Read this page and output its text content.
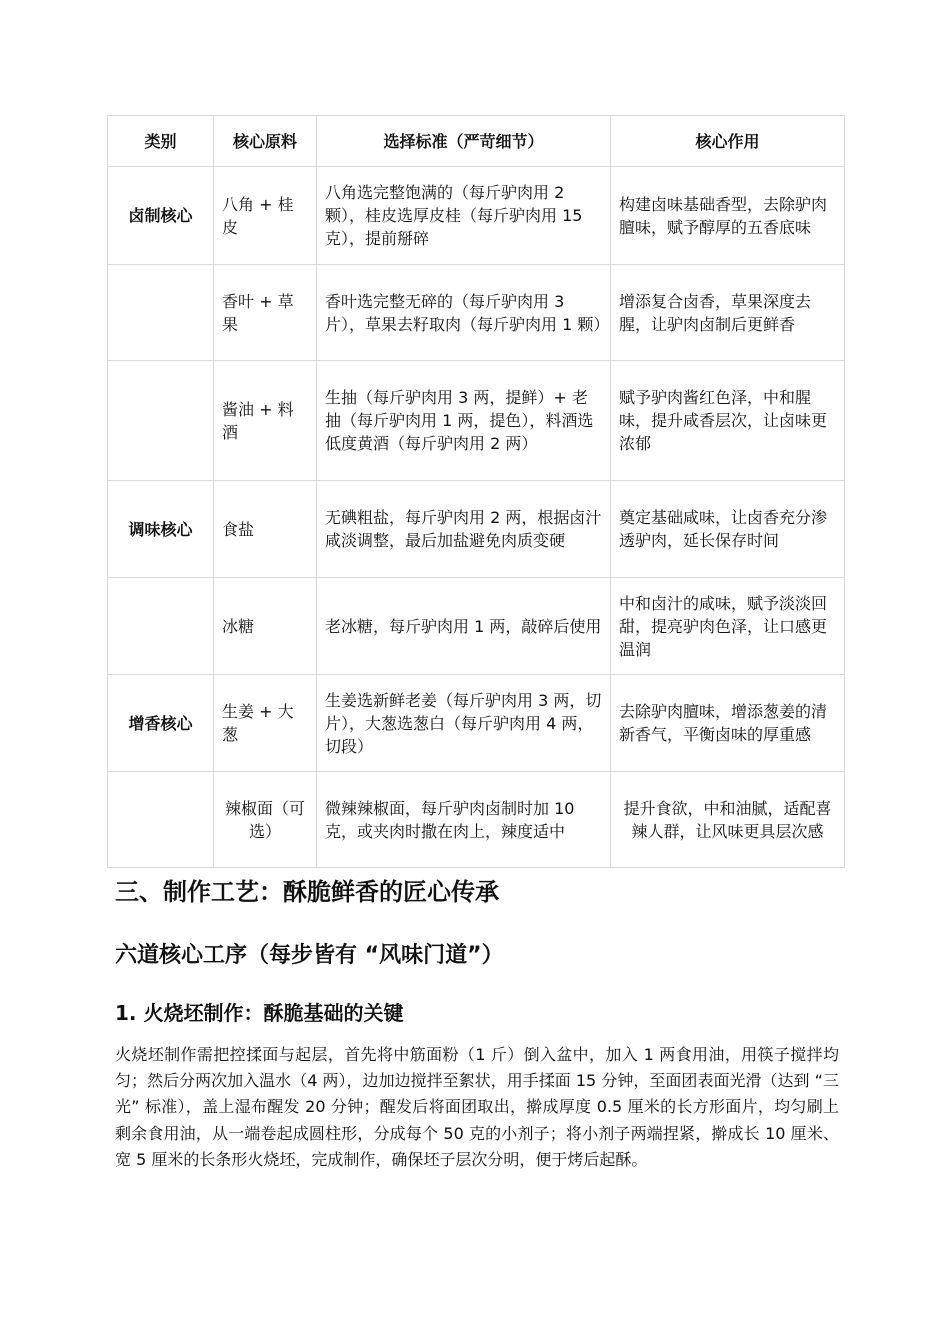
类别	核心原料	选择标准（严苛细节）	核心作用
卤制核心	八角 + 桂皮	八角选完整饱满的（每斤驴肉用 2 颗），桂皮选厚皮桂（每斤驴肉用 15 克），提前掰碎	构建卤味基础香型，去除驴肉膻味，赋予醇厚的五香底味
	香叶 + 草果	香叶选完整无碎的（每斤驴肉用 3 片），草果去籽取肉（每斤驴肉用 1 颗）	增添复合卤香，草果深度去腥，让驴肉卤制后更鲜香
	酱油 + 料酒	生抽（每斤驴肉用 3 两，提鲜）+ 老抽（每斤驴肉用 1 两，提色），料酒选低度黄酒（每斤驴肉用 2 两）	赋予驴肉酱红色泽，中和腥味，提升咸香层次，让卤味更浓郁
调味核心	食盐	无碘粗盐，每斤驴肉用 2 两，根据卤汁咸淡调整，最后加盐避免肉质变硬	奠定基础咸味，让卤香充分渗透驴肉，延长保存时间
	冰糖	老冰糖，每斤驴肉用 1 两，敲碎后使用	中和卤汁的咸味，赋予淡淡回甜，提亮驴肉色泽，让口感更温润
增香核心	生姜 + 大葱	生姜选新鲜老姜（每斤驴肉用 3 两，切片），大葱选葱白（每斤驴肉用 4 两，切段）	去除驴肉膻味，增添葱姜的清新香气，平衡卤味的厚重感
	辣椒面（可选）	微辣辣椒面，每斤驴肉卤制时加 10 克，或夹肉时撒在肉上，辣度适中	提升食欲，中和油腻，适配喜辣人群，让风味更具层次感
三、制作工艺：酥脆鲜香的匠心传承
六道核心工序（每步皆有 “风味门道”）
1. 火烧坯制作：酥脆基础的关键

火烧坯制作需把控揉面与起层，首先将中筋面粉（1 斤）倒入盆中，加入 1 两食用油，用筷子搅拌均匀；然后分两次加入温水（4 两），边加边搅拌至絮状，用手揉面 15 分钟，至面团表面光滑（达到 “三光” 标准），盖上湿布醒发 20 分钟；醒发后将面团取出，擀成厚度 0.5 厘米的长方形面片，均匀刷上剩余食用油，从一端卷起成圆柱形，分成每个 50 克的小剂子；将小剂子两端捏紧，擀成长 10 厘米、宽 5 厘米的长条形火烧坯，完成制作，确保坯子层次分明，便于烤后起酥。
